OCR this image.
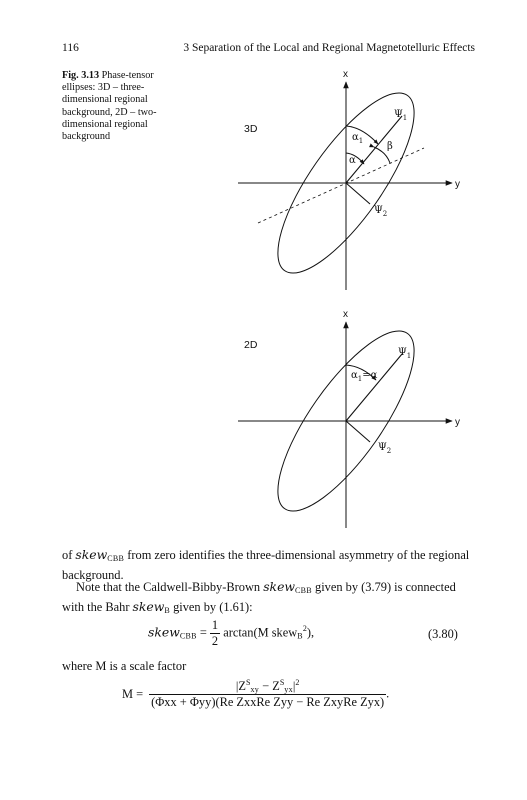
116	3 Separation of the Local and Regional Magnetotelluric Effects
Fig. 3.13 Phase-tensor ellipses: 3D – three-dimensional regional background, 2D – two-dimensional regional background
3D
x
y
$\Psi_1$
$\Psi_2$
$\alpha_1$
α
β
2D
x
y
$\Psi_1$
$\Psi_2$
$\alpha_1=\alpha$
of skew$_{CBB}$ from zero identifies the three-dimensional asymmetry of the regional background.
Note that the Caldwell-Bibby-Brown skew$_{CBB}$ given by (3.79) is connected with the Bahr skew$_B$ given by (1.61):
skew$_{CBB}$ = $\frac{1}{2} \arctan(M$ skew$_B^2$),	(3.80)
where M is a scale factor
$M = \frac{|Z^S_{xy} - Z^S_{yx}|^2}{\text{(Φxx + Φyy)(Re ZxxRe Zyy − Re ZxyRe Zyx)}}$ .
